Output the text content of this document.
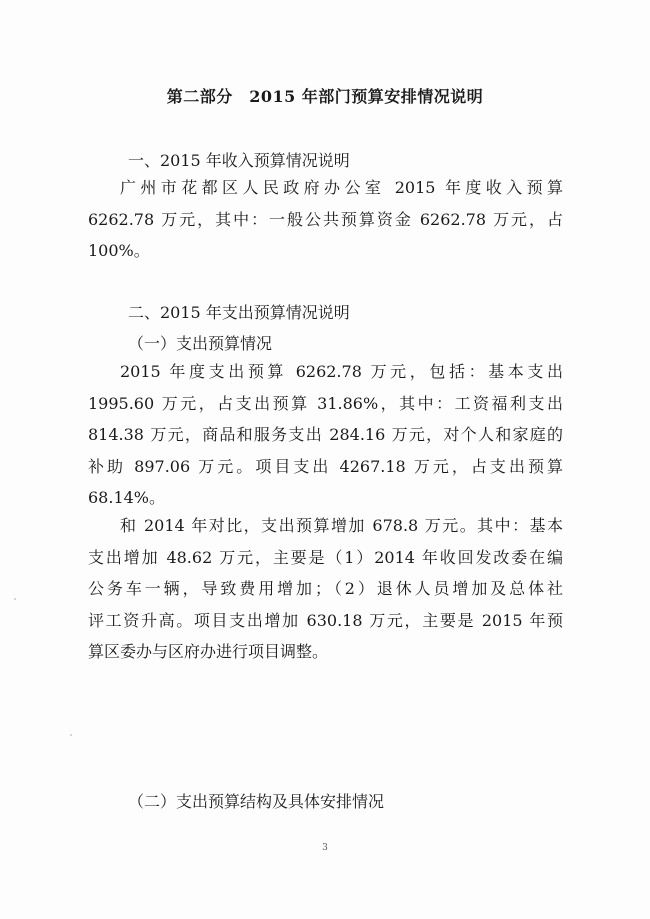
第二部分　2015 年部门预算安排情况说明
一、2015 年收入预算情况说明
广州市花都区人民政府办公室 2015 年度收入预算
6262.78 万元，其中：一般公共预算资金 6262.78 万元，占
100%。
二、2015 年支出预算情况说明
（一）支出预算情况
2015 年度支出预算 6262.78 万元，包括：基本支出
1995.60 万元，占支出预算 31.86%，其中：工资福利支出
814.38 万元，商品和服务支出 284.16 万元，对个人和家庭的
补助 897.06 万元。项目支出 4267.18 万元，占支出预算
68.14%。
和 2014 年对比，支出预算增加 678.8 万元。其中：基本
支出增加 48.62 万元，主要是（1）2014 年收回发改委在编
公务车一辆，导致费用增加；（2）退休人员增加及总体社
评工资升高。项目支出增加 630.18 万元，主要是 2015 年预
算区委办与区府办进行项目调整。
（二）支出预算结构及具体安排情况
3
